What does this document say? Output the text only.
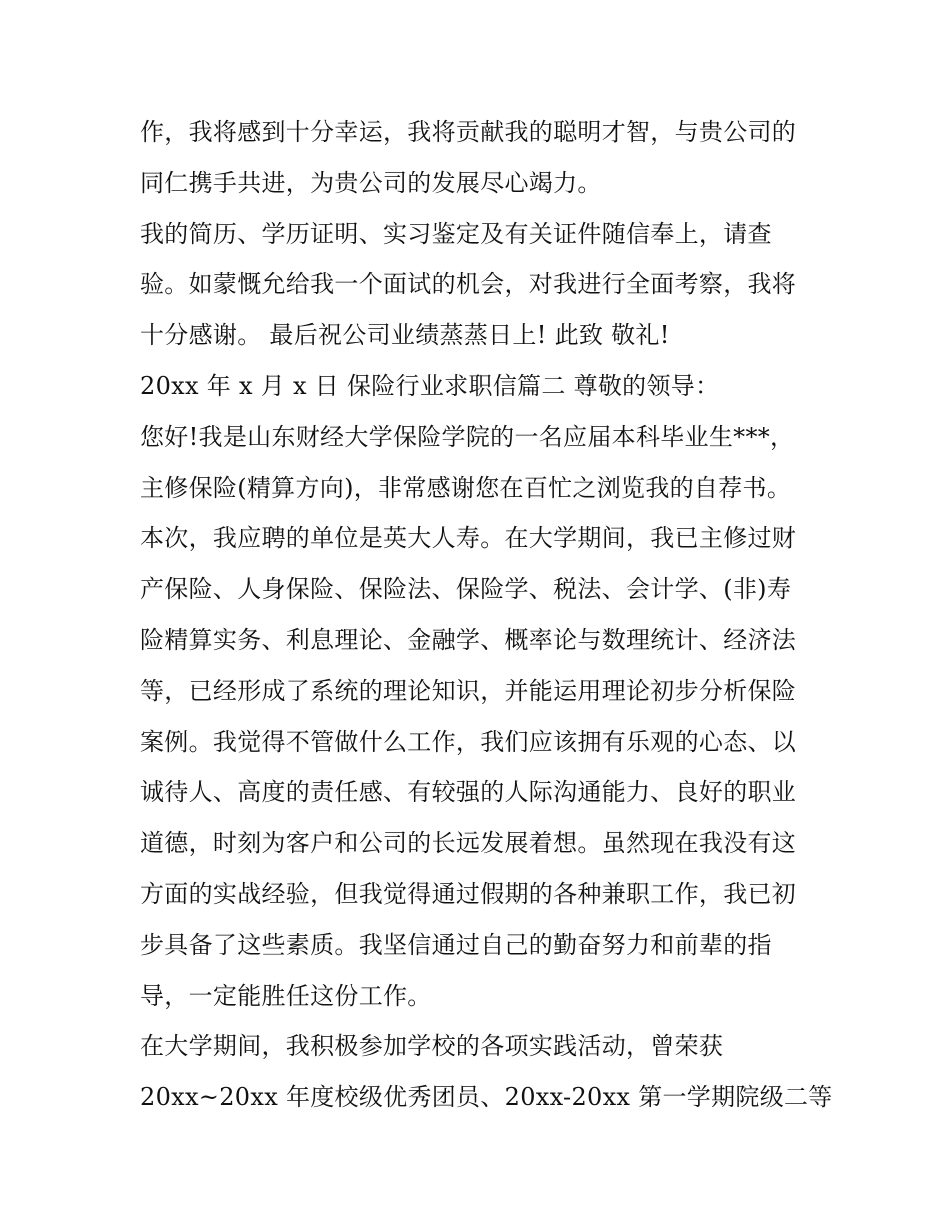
作，我将感到十分幸运，我将贡献我的聪明才智，与贵公司的
同仁携手共进，为贵公司的发展尽心竭力。
我的简历、学历证明、实习鉴定及有关证件随信奉上，请查
验。如蒙慨允给我一个面试的机会，对我进行全面考察，我将
十分感谢。 最后祝公司业绩蒸蒸日上! 此致 敬礼!
20xx 年 x 月 x 日 保险行业求职信篇二 尊敬的领导：
您好!我是山东财经大学保险学院的一名应届本科毕业生***，
主修保险(精算方向)，非常感谢您在百忙之浏览我的自荐书。
本次，我应聘的单位是英大人寿。在大学期间，我已主修过财
产保险、人身保险、保险法、保险学、税法、会计学、(非)寿
险精算实务、利息理论、金融学、概率论与数理统计、经济法
等，已经形成了系统的理论知识，并能运用理论初步分析保险
案例。我觉得不管做什么工作，我们应该拥有乐观的心态、以
诚待人、高度的责任感、有较强的人际沟通能力、良好的职业
道德，时刻为客户和公司的长远发展着想。虽然现在我没有这
方面的实战经验，但我觉得通过假期的各种兼职工作，我已初
步具备了这些素质。我坚信通过自己的勤奋努力和前辈的指
导，一定能胜任这份工作。
在大学期间，我积极参加学校的各项实践活动，曾荣获
20xx~20xx 年度校级优秀团员、20xx-20xx 第一学期院级二等
